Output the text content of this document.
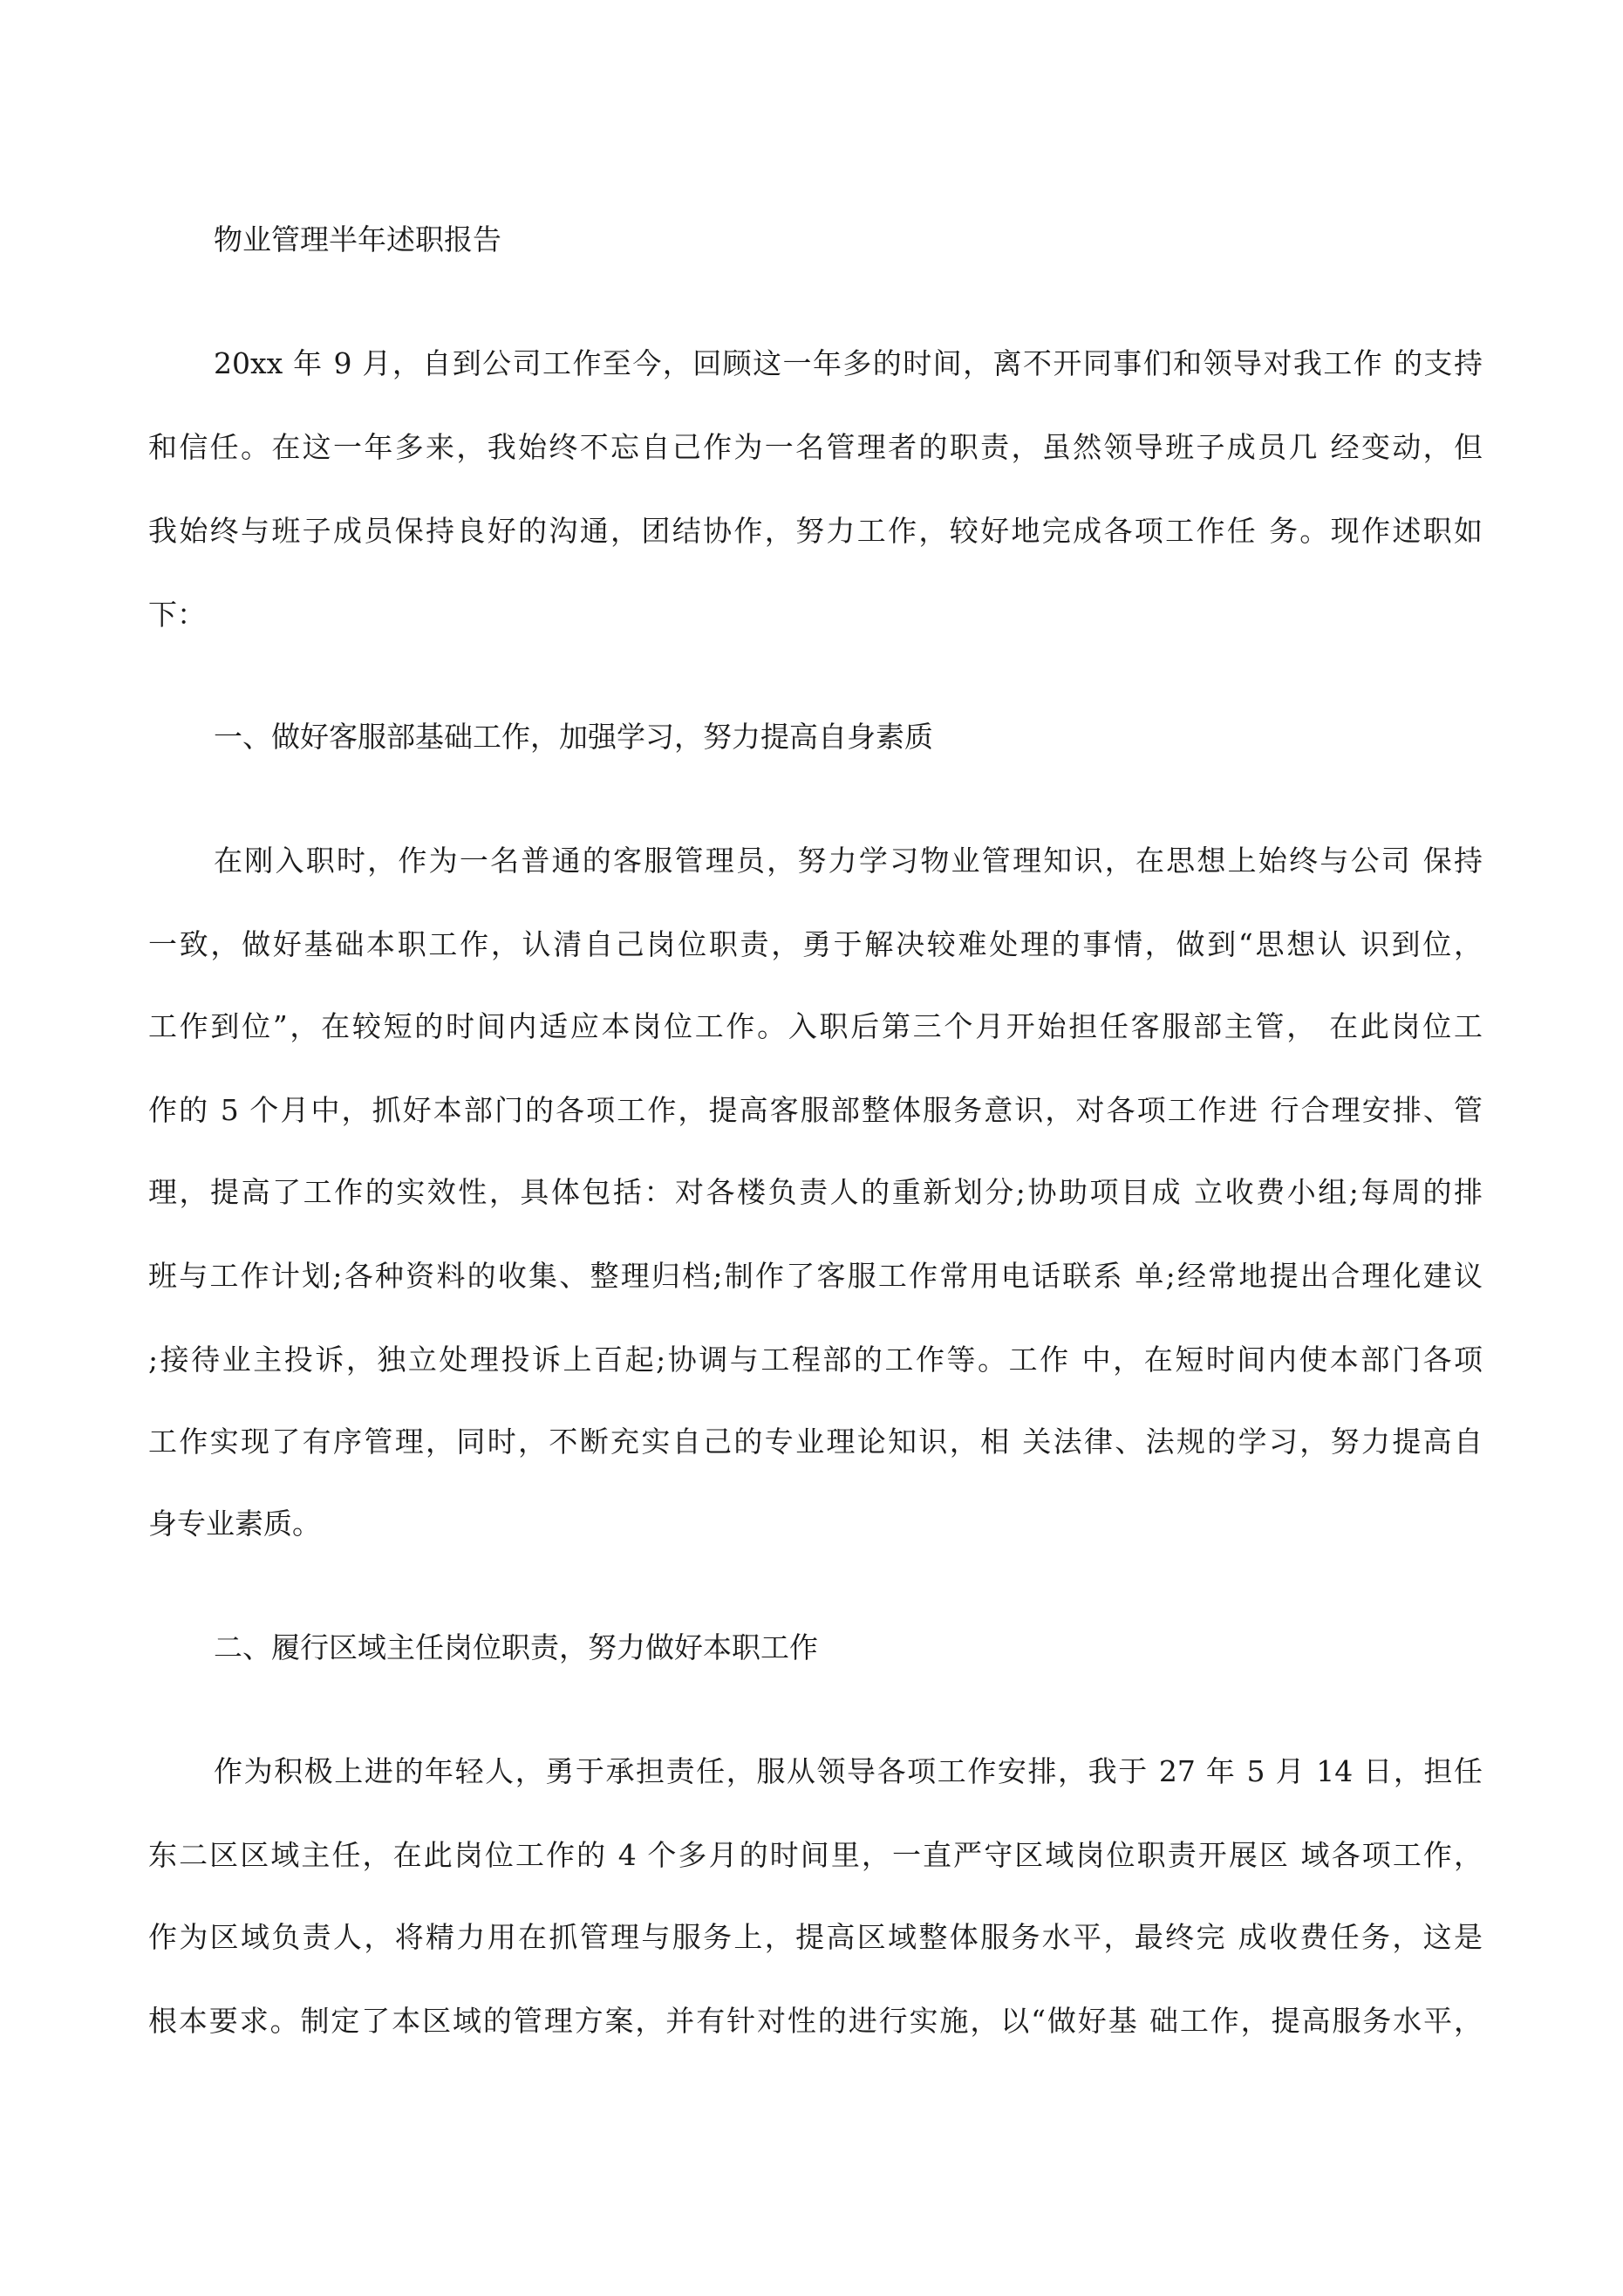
物业管理半年述职报告
20xx 年 9 月，自到公司工作至今，回顾这一年多的时间，离不开同事们和领导对我工作 的支持
和信任。在这一年多来，我始终不忘自己作为一名管理者的职责，虽然领导班子成员几 经变动，但
我始终与班子成员保持良好的沟通，团结协作，努力工作，较好地完成各项工作任 务。现作述职如
下：
一、做好客服部基础工作，加强学习，努力提高自身素质
在刚入职时，作为一名普通的客服管理员，努力学习物业管理知识，在思想上始终与公司 保持
一致，做好基础本职工作，认清自己岗位职责，勇于解决较难处理的事情，做到“思想认 识到位，
工作到位”，在较短的时间内适应本岗位工作。入职后第三个月开始担任客服部主管， 在此岗位工
作的 5 个月中，抓好本部门的各项工作，提高客服部整体服务意识，对各项工作进 行合理安排、管
理，提高了工作的实效性，具体包括：对各楼负责人的重新划分;协助项目成 立收费小组;每周的排
班与工作计划;各种资料的收集、整理归档;制作了客服工作常用电话联系 单;经常地提出合理化建议
;接待业主投诉，独立处理投诉上百起;协调与工程部的工作等。工作 中，在短时间内使本部门各项
工作实现了有序管理，同时，不断充实自己的专业理论知识，相 关法律、法规的学习，努力提高自
身专业素质。
二、履行区域主任岗位职责，努力做好本职工作
作为积极上进的年轻人，勇于承担责任，服从领导各项工作安排，我于 27 年 5 月 14 日，担任
东二区区域主任，在此岗位工作的 4 个多月的时间里，一直严守区域岗位职责开展区 域各项工作，
作为区域负责人，将精力用在抓管理与服务上，提高区域整体服务水平，最终完 成收费任务，这是
根本要求。制定了本区域的管理方案，并有针对性的进行实施，以“做好基 础工作，提高服务水平，
